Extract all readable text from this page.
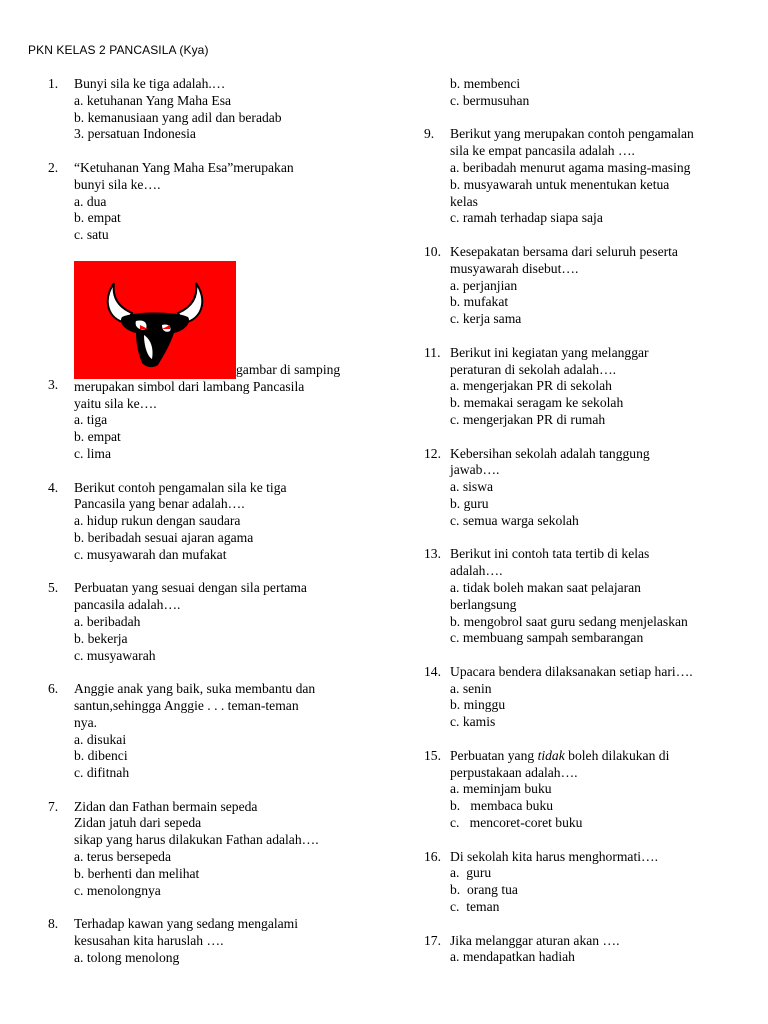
PKN KELAS 2 PANCASILA (Kya)
1. Bunyi sila ke tiga adalah.…
a. ketuhanan Yang Maha Esa
b. kemanusiaan yang adil dan beradab
3. persatuan Indonesia
2. “Ketuhanan Yang Maha Esa”merupakan
bunyi sila ke….
a. dua
b. empat
c. satu
3.
gambar di samping
merupakan simbol dari lambang Pancasila
yaitu sila ke….
a. tiga
b. empat
c. lima
4. Berikut contoh pengamalan sila ke tiga
Pancasila yang benar adalah….
a. hidup rukun dengan saudara
b. beribadah sesuai ajaran agama
c. musyawarah dan mufakat
5. Perbuatan yang sesuai dengan sila pertama
pancasila adalah….
a. beribadah
b. bekerja
c. musyawarah
6. Anggie anak yang baik, suka membantu dan
santun,sehingga Anggie . . . teman-teman
nya.
a. disukai
b. dibenci
c. difitnah
7. Zidan dan Fathan bermain sepeda
Zidan jatuh dari sepeda
sikap yang harus dilakukan Fathan adalah….
a. terus bersepeda
b. berhenti dan melihat
c. menolongnya
8. Terhadap kawan yang sedang mengalami
kesusahan kita haruslah ….
a. tolong menolong
b. membenci
c. bermusuhan
9. Berikut yang merupakan contoh pengamalan
sila ke empat pancasila adalah ….
a. beribadah menurut agama masing-masing
b. musyawarah untuk menentukan ketua
kelas
c. ramah terhadap siapa saja
10. Kesepakatan bersama dari seluruh peserta
musyawarah disebut….
a. perjanjian
b. mufakat
c. kerja sama
11. Berikut ini kegiatan yang melanggar
peraturan di sekolah adalah….
a. mengerjakan PR di sekolah
b. memakai seragam ke sekolah
c. mengerjakan PR di rumah
12. Kebersihan sekolah adalah tanggung
jawab….
a. siswa
b. guru
c. semua warga sekolah
13. Berikut ini contoh tata tertib di kelas
adalah….
a. tidak boleh makan saat pelajaran
berlangsung
b. mengobrol saat guru sedang menjelaskan
c. membuang sampah sembarangan
14. Upacara bendera dilaksanakan setiap hari….
a. senin
b. minggu
c. kamis
15. Perbuatan yang tidak boleh dilakukan di
perpustakaan adalah….
a. meminjam buku
b.   membaca buku
c.   mencoret-coret buku
16. Di sekolah kita harus menghormati….
a.  guru
b.  orang tua
c.  teman
17. Jika melanggar aturan akan ….
a. mendapatkan hadiah
